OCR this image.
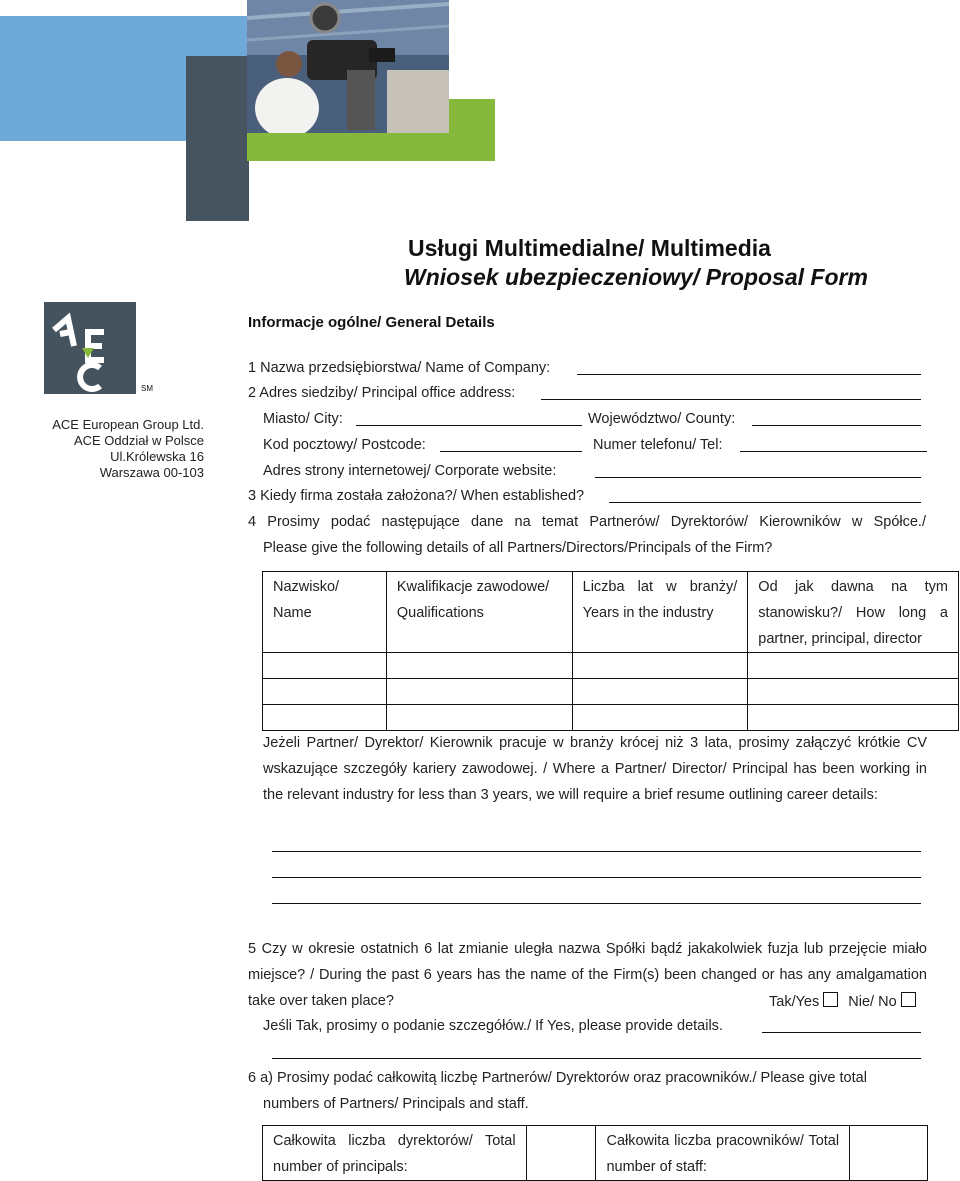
Usługi Multimedialne/ Multimedia
Wniosek ubezpieczeniowy/ Proposal Form
Informacje ogólne/ General Details
SM
ACE European Group Ltd.
ACE Oddział w Polsce
Ul.Królewska 16
Warszawa 00-103
1 Nazwa przedsiębiorstwa/ Name of Company:
2 Adres siedziby/ Principal office address:
Miasto/ City:	Województwo/ County:
Kod pocztowy/ Postcode:	Numer telefonu/ Tel:
Adres strony internetowej/ Corporate website:
3 Kiedy firma została założona?/ When established?
4 Prosimy podać następujące dane na temat Partnerów/ Dyrektorów/ Kierowników w Spółce./
Please give the following details of all Partners/Directors/Principals of the Firm?
Nazwisko/ Name	Kwalifikacje zawodowe/ Qualifications	Liczba lat w branży/ Years in the industry	Od jak dawna na tym stanowisku?/ How long a partner, principal, director

Jeżeli Partner/ Dyrektor/ Kierownik pracuje w branży krócej niż 3 lata, prosimy załączyć krótkie CV wskazujące szczegóły kariery zawodowej. / Where a Partner/ Director/ Principal has been working in the relevant industry for less than 3 years, we will require a brief resume outlining career details:
5 Czy w okresie ostatnich 6 lat zmianie uległa nazwa Spółki bądź jakakolwiek fuzja lub przejęcie miało miejsce? / During the past 6 years has the name of the Firm(s) been changed or has any amalgamation take over taken place?	Tak/Yes Nie/ No
Jeśli Tak, prosimy o podanie szczegółów./ If Yes, please provide details.
6 a) Prosimy podać całkowitą liczbę Partnerów/ Dyrektorów oraz pracowników./ Please give total
numbers of Partners/ Principals and staff.
Całkowita liczba dyrektorów/ Total number of principals:		Całkowita liczba pracowników/ Total number of staff:	
